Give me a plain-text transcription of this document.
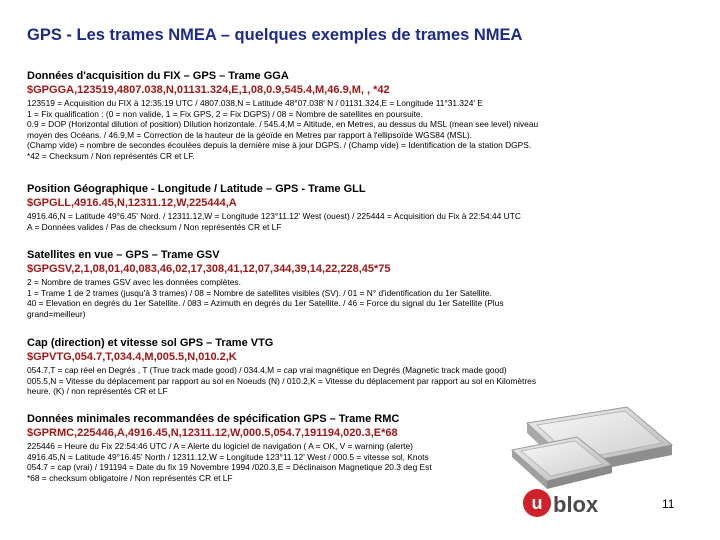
GPS - Les trames NMEA – quelques exemples de trames NMEA

Données d'acquisition du FIX – GPS – Trame GGA

$GPGGA,123519,4807.038,N,01131.324,E,1,08,0.9,545.4,M,46.9,M, , *42

123519 = Acquisition du FIX à 12:35:19 UTC / 4807.038,N = Latitude 48°07.038' N / 01131.324,E = Longitude 11°31.324' E
1 = Fix qualification : (0 = non valide, 1 = Fix GPS, 2 = Fix DGPS) / 08 = Nombre de satellites en poursuite.
0.9 = DOP (Horizontal dilution of position) Dilution horizontale. / 545.4,M = Altitude, en Metres, au dessus du MSL (mean see level) niveau
moyen des Océans. / 46.9,M = Correction de la hauteur de la géoïde en Metres par rapport à l'ellipsoïde WGS84 (MSL).
(Champ vide) = nombre de secondes écoulées depuis la dernière mise à jour DGPS. / (Champ vide) = Identification de la station DGPS.
*42 = Checksum / Non représentés CR et LF.

Position Géographique - Longitude / Latitude – GPS - Trame GLL

$GPGLL,4916.45,N,12311.12,W,225444,A

4916.46,N = Latitude 49°6.45' Nord. / 12311.12,W = Longitude 123°11.12' West (ouest) / 225444 = Acquisition du Fix à 22:54:44 UTC
A = Données valides / Pas de checksum / Non représentés CR et LF

Satellites en vue – GPS – Trame GSV

$GPGSV,2,1,08,01,40,083,46,02,17,308,41,12,07,344,39,14,22,228,45*75

2 = Nombre de trames GSV avec les données complètes.
1 = Trame 1 de 2 trames (jusqu'à 3 trames) / 08 = Nombre de satellites visibles (SV). / 01 = N° d'identification du 1er Satellite.
40 = Elevation en degrés du 1er Satellite. / 083 = Azimuth en degrés du 1er Satellite. / 46 = Force du signal du 1er Satellite (Plus
grand=meilleur)

Cap (direction) et vitesse sol GPS – Trame VTG

$GPVTG,054.7,T,034.4,M,005.5,N,010.2,K

054.7,T = cap réel en Degrés , T (True track made good) / 034.4,M = cap vrai magnétique en Degrés (Magnetic track made good)
005.5,N = Vitesse du déplacement par rapport au sol en Noeuds (N) / 010.2,K = Vitesse du déplacement par rapport au sol en Kilomètres
heure. (K) / non représentés CR et LF

Données minimales recommandées de spécification GPS – Trame RMC

$GPRMC,225446,A,4916.45,N,12311.12,W,000.5,054.7,191194,020.3,E*68

225446 = Heure du Fix 22:54:46 UTC / A = Alerte du logiciel de navigation ( A = OK, V = warning (alerte)
4916.45,N = Latitude 49°16.45' North / 12311.12,W = Longitude 123°11.12' West / 000.5 = vitesse sol, Knots
054.7 = cap (vrai) / 191194 = Date du fix 19 Novembre 1994 /020.3,E = Déclinaison Magnetique 20.3 deg Est
*68 = checksum obligatoire / Non représentés CR et LF
u blox	11
